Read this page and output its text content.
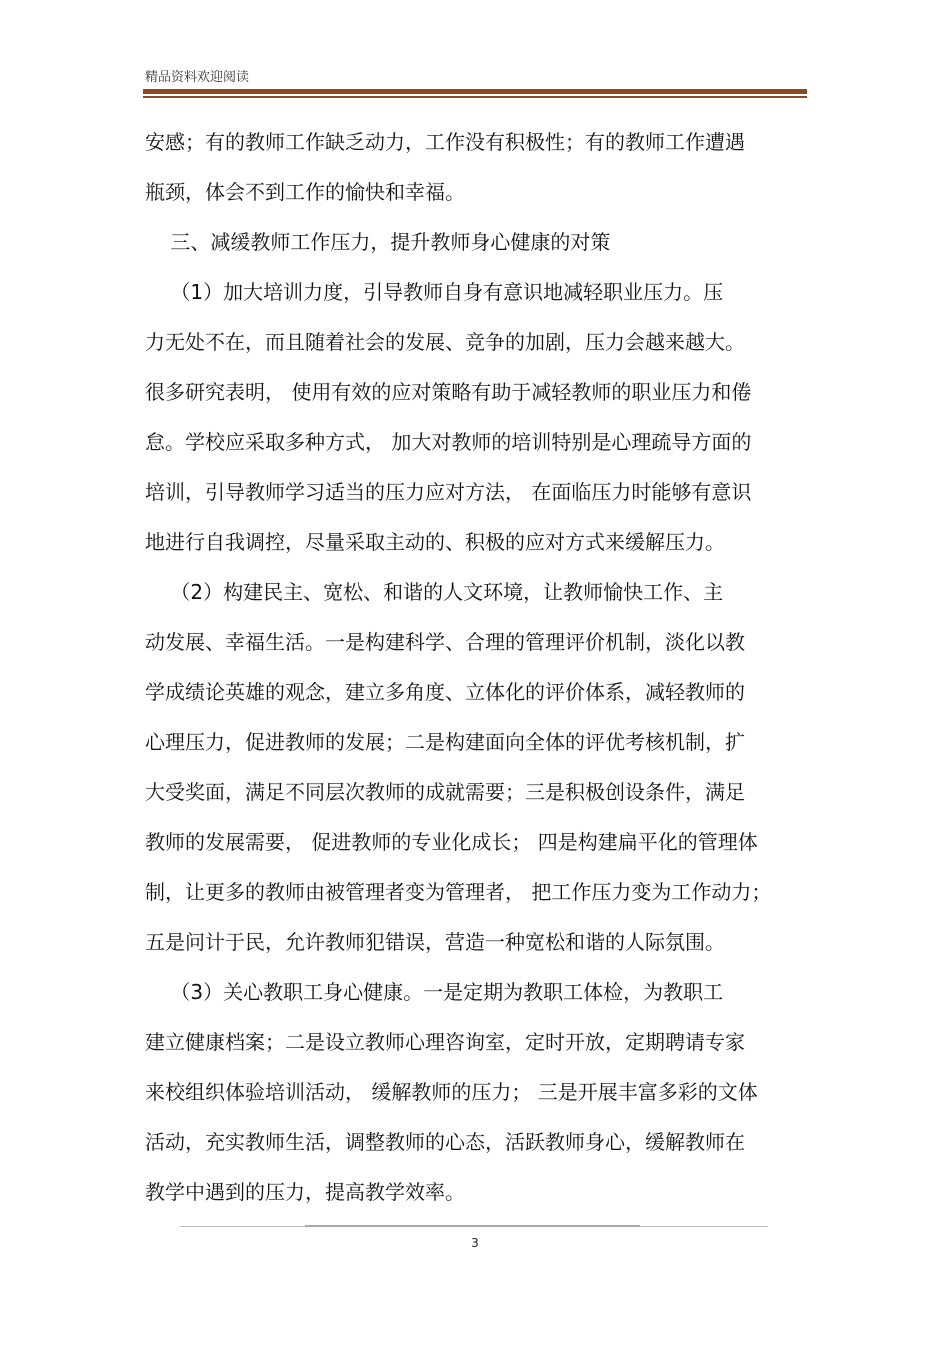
精品资料欢迎阅读
安感；有的教师工作缺乏动力，工作没有积极性；有的教师工作遭遇
瓶颈，体会不到工作的愉快和幸福。
三、减缓教师工作压力，提升教师身心健康的对策
（1）加大培训力度，引导教师自身有意识地减轻职业压力。压
力无处不在，而且随着社会的发展、竞争的加剧，压力会越来越大。
很多研究表明， 使用有效的应对策略有助于减轻教师的职业压力和倦
怠。学校应采取多种方式， 加大对教师的培训特别是心理疏导方面的
培训，引导教师学习适当的压力应对方法， 在面临压力时能够有意识
地进行自我调控，尽量采取主动的、积极的应对方式来缓解压力。
（2）构建民主、宽松、和谐的人文环境，让教师愉快工作、主
动发展、幸福生活。一是构建科学、合理的管理评价机制，淡化以教
学成绩论英雄的观念，建立多角度、立体化的评价体系，减轻教师的
心理压力，促进教师的发展；二是构建面向全体的评优考核机制，扩
大受奖面，满足不同层次教师的成就需要；三是积极创设条件，满足
教师的发展需要， 促进教师的专业化成长； 四是构建扁平化的管理体
制，让更多的教师由被管理者变为管理者， 把工作压力变为工作动力；
五是问计于民，允许教师犯错误，营造一种宽松和谐的人际氛围。
（3）关心教职工身心健康。一是定期为教职工体检，为教职工
建立健康档案；二是设立教师心理咨询室，定时开放，定期聘请专家
来校组织体验培训活动， 缓解教师的压力； 三是开展丰富多彩的文体
活动，充实教师生活，调整教师的心态，活跃教师身心，缓解教师在
教学中遇到的压力，提高教学效率。
3
